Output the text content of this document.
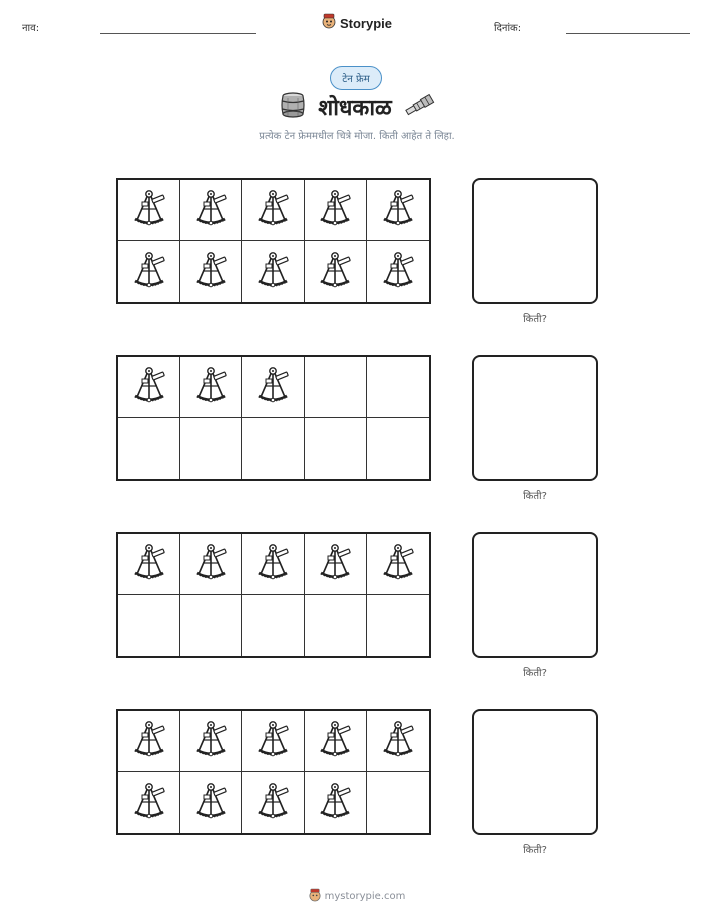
नाव:	Storypie	दिनांक:
टेन फ्रेम
शोधकाळ
प्रत्येक टेन फ्रेममधील चित्रे मोजा. किती आहेत ते लिहा.
किती?
किती?
किती?
किती?
mystorypie.com
